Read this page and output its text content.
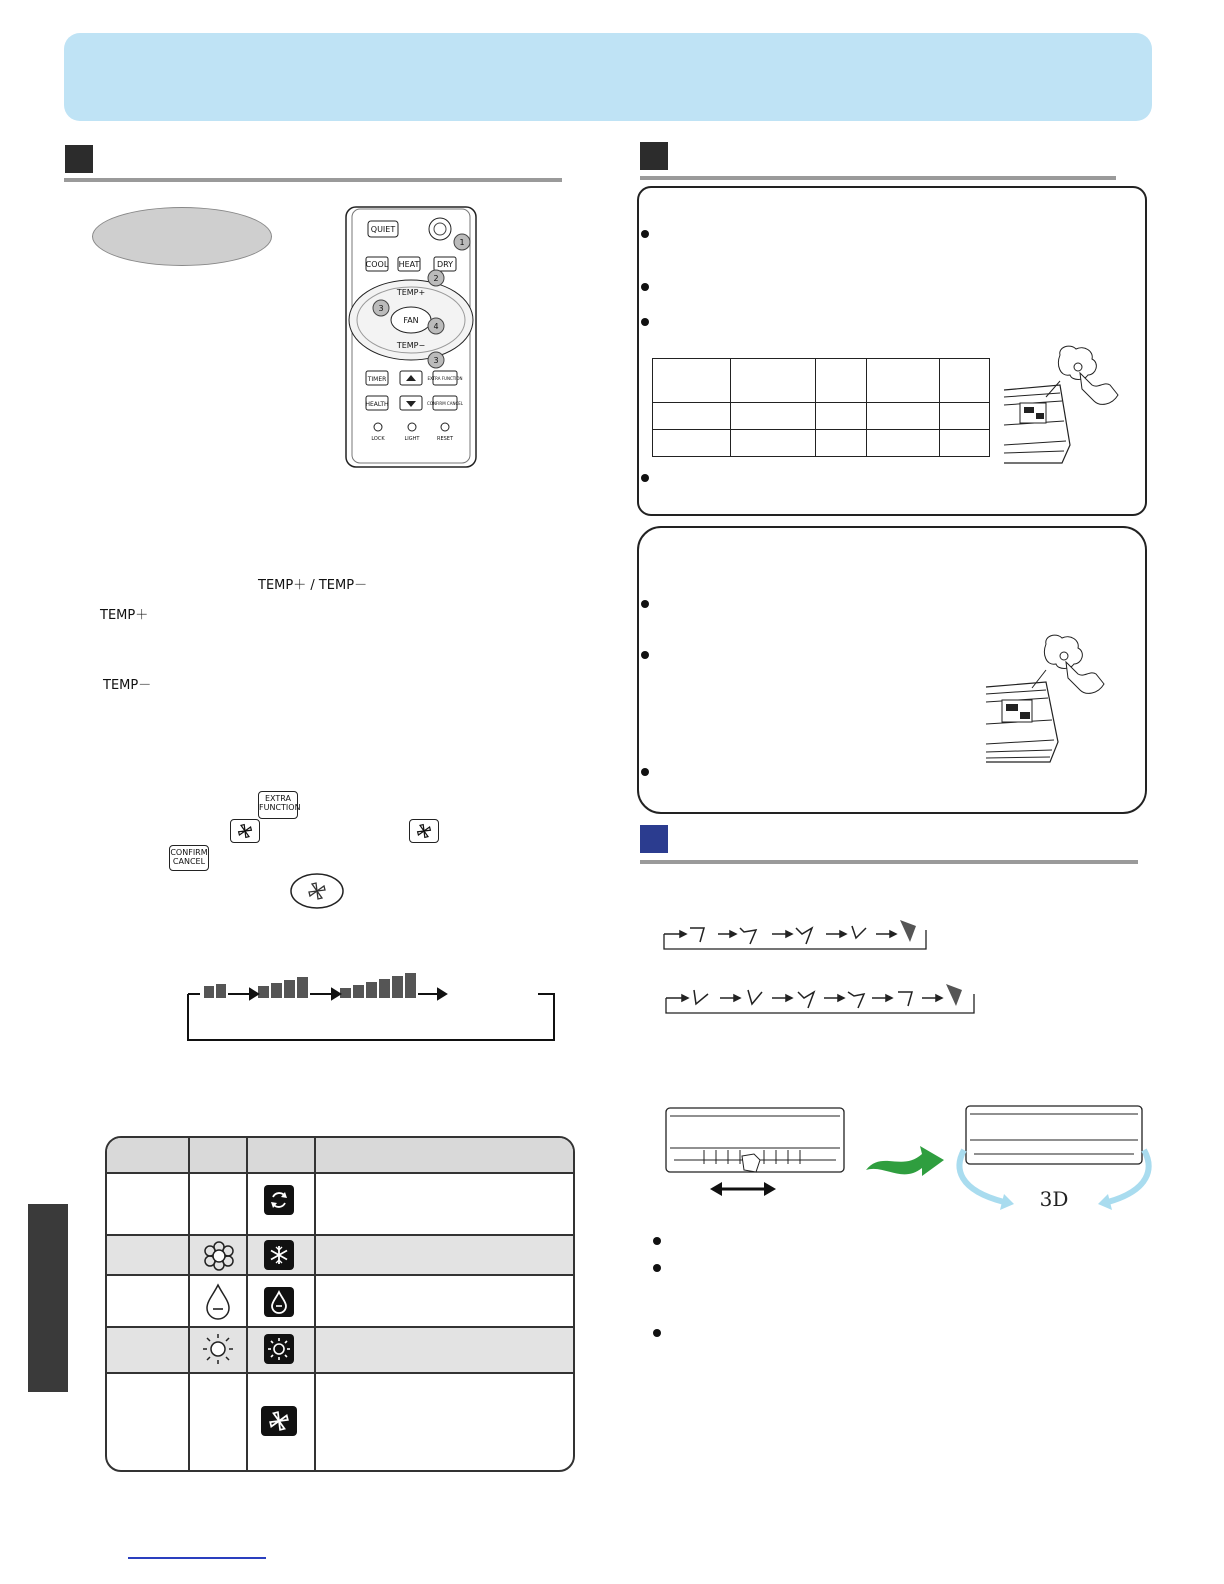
QUIET
COOL HEAT DRY
TEMP+
FAN
TEMP−
TIMER	EXTRA FUNCTION
HEALTH	CONFIRM CANCEL
LOCK	LIGHT	RESET
1
2
3
4
3
TEMP＋ / TEMP－
TEMP＋
TEMP－
EXTRA FUNCTION
CONFIRM CANCEL

3D
